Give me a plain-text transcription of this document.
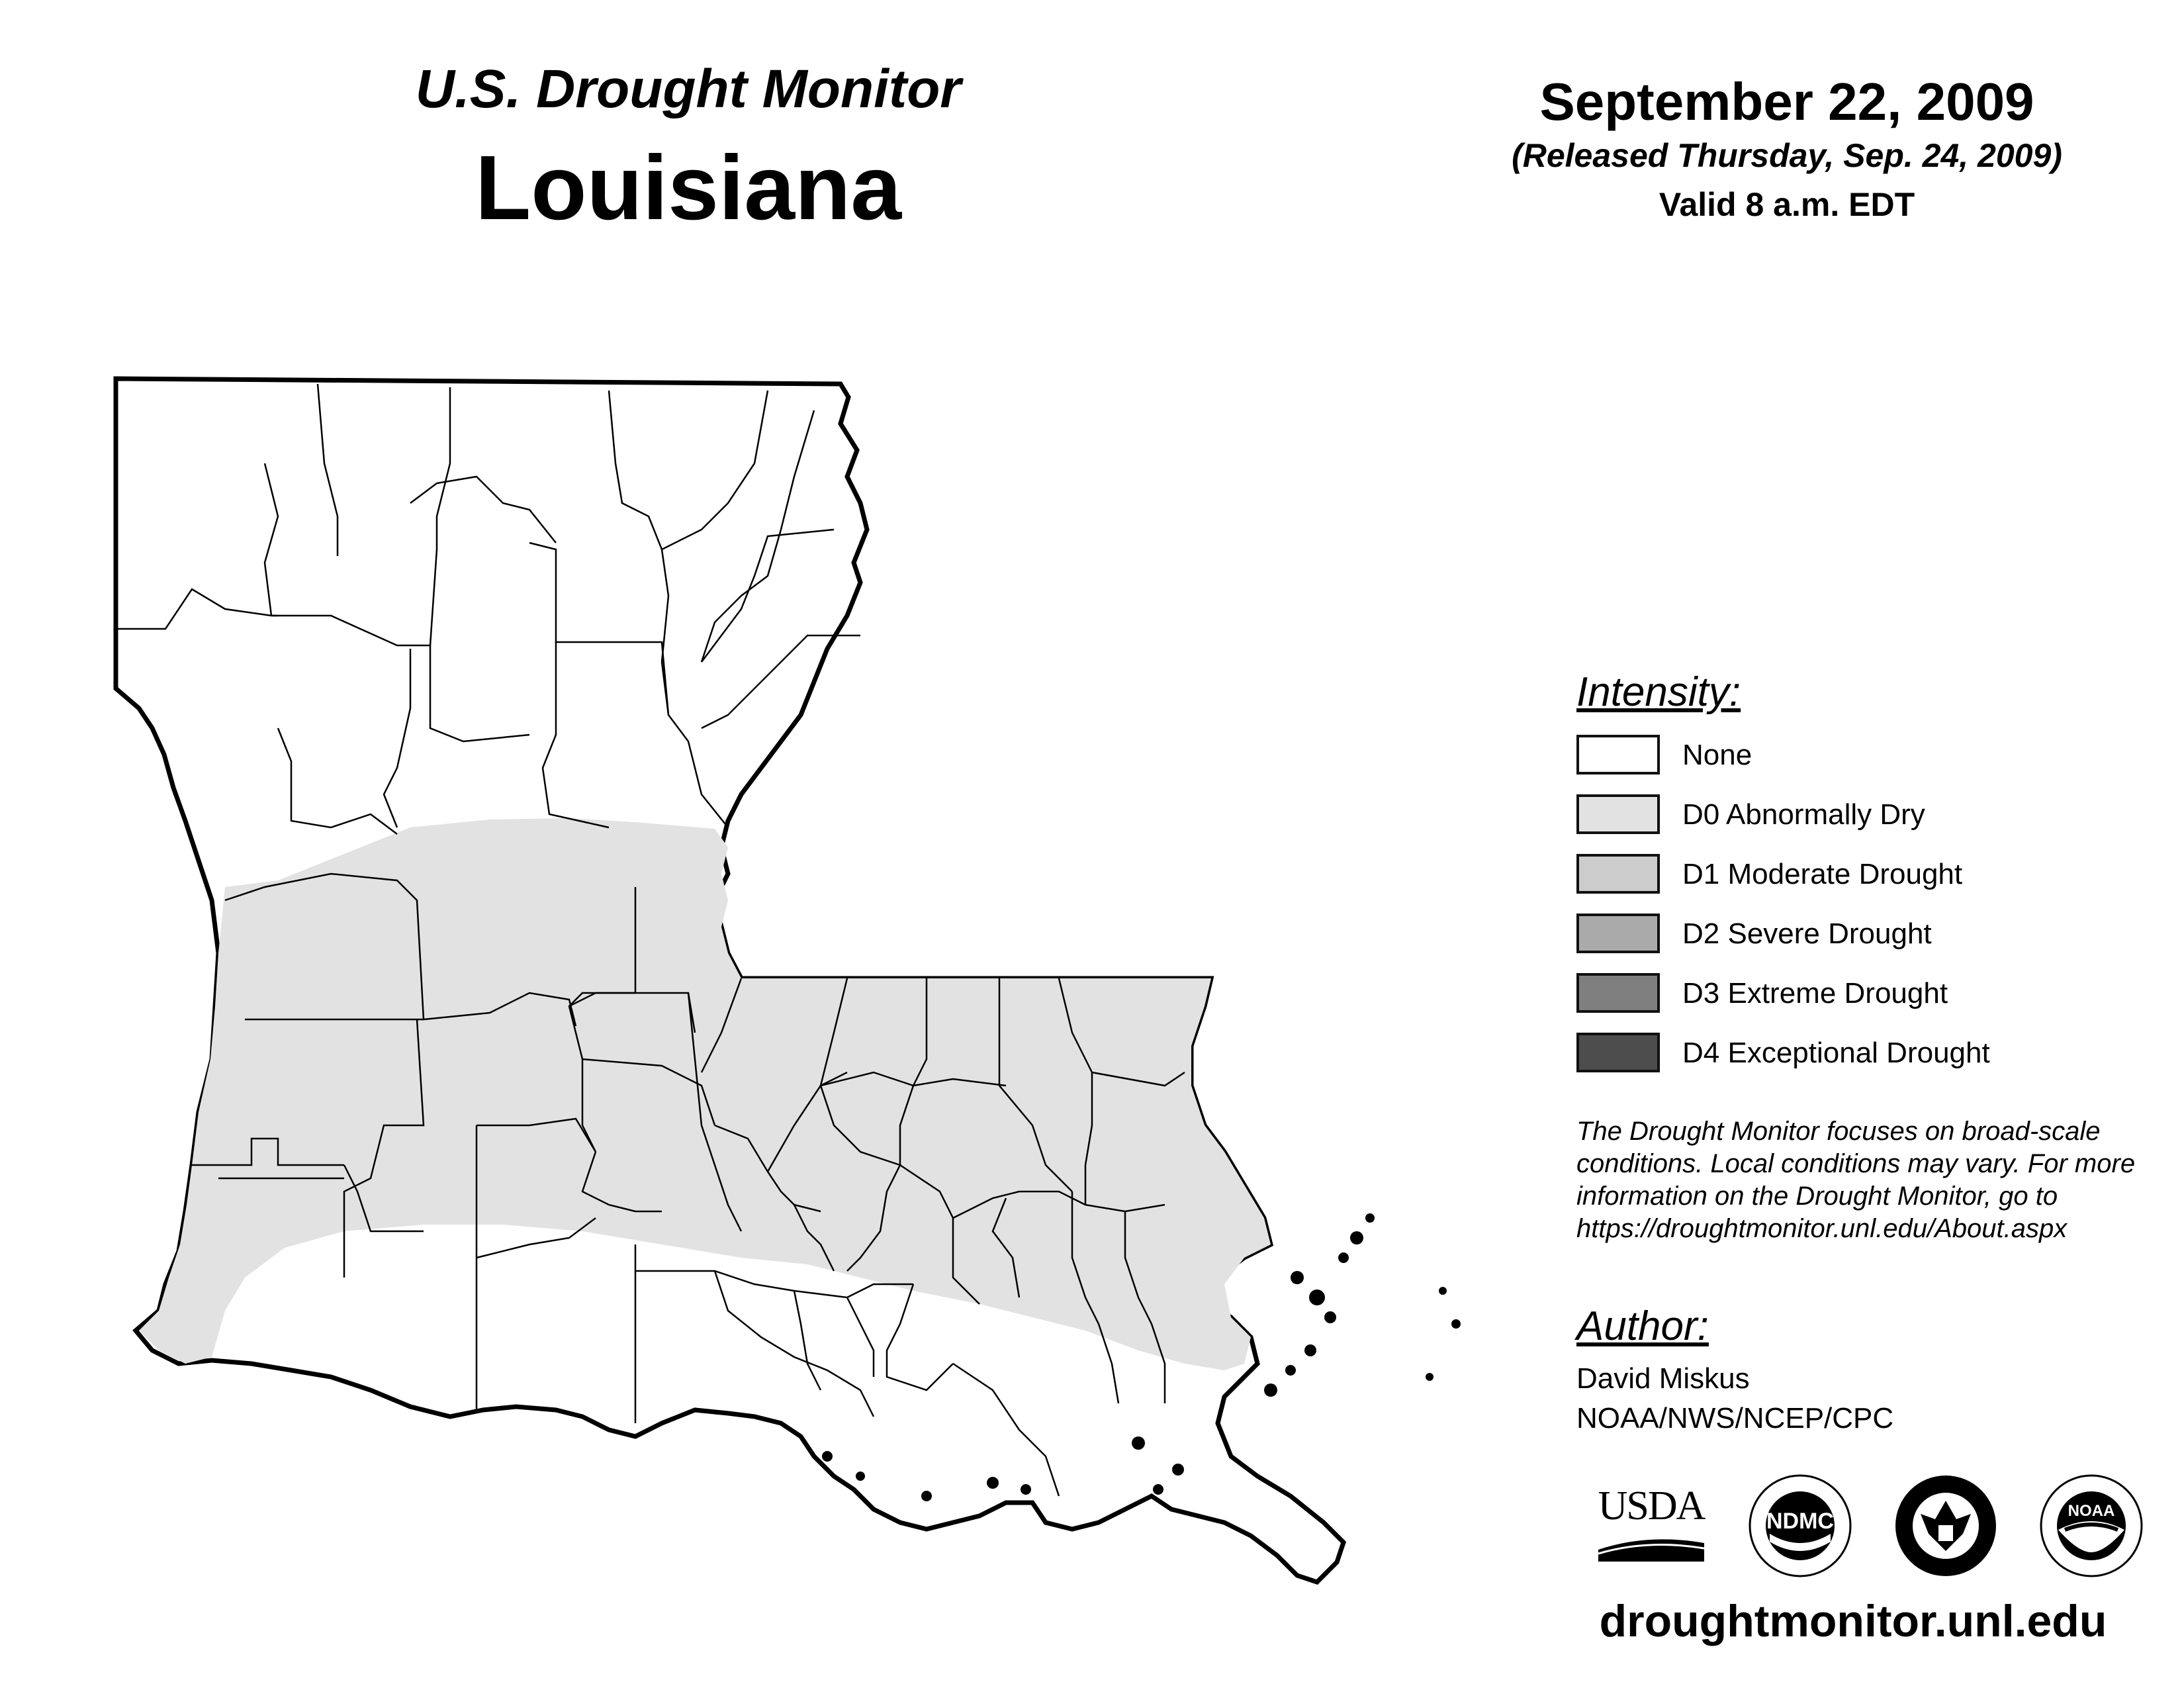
U.S. Drought Monitor
Louisiana
September 22, 2009
(Released Thursday, Sep. 24, 2009)
Valid 8 a.m. EDT
Intensity:
None
D0 Abnormally Dry
D1 Moderate Drought
D2 Severe Drought
D3 Extreme Drought
D4 Exceptional Drought
The Drought Monitor focuses on broad-scale conditions. Local conditions may vary. For more information on the Drought Monitor, go to https://droughtmonitor.unl.edu/About.aspx
Author:
David Miskus
NOAA/NWS/NCEP/CPC
USDA	NDMC	NOAA
droughtmonitor.unl.edu
